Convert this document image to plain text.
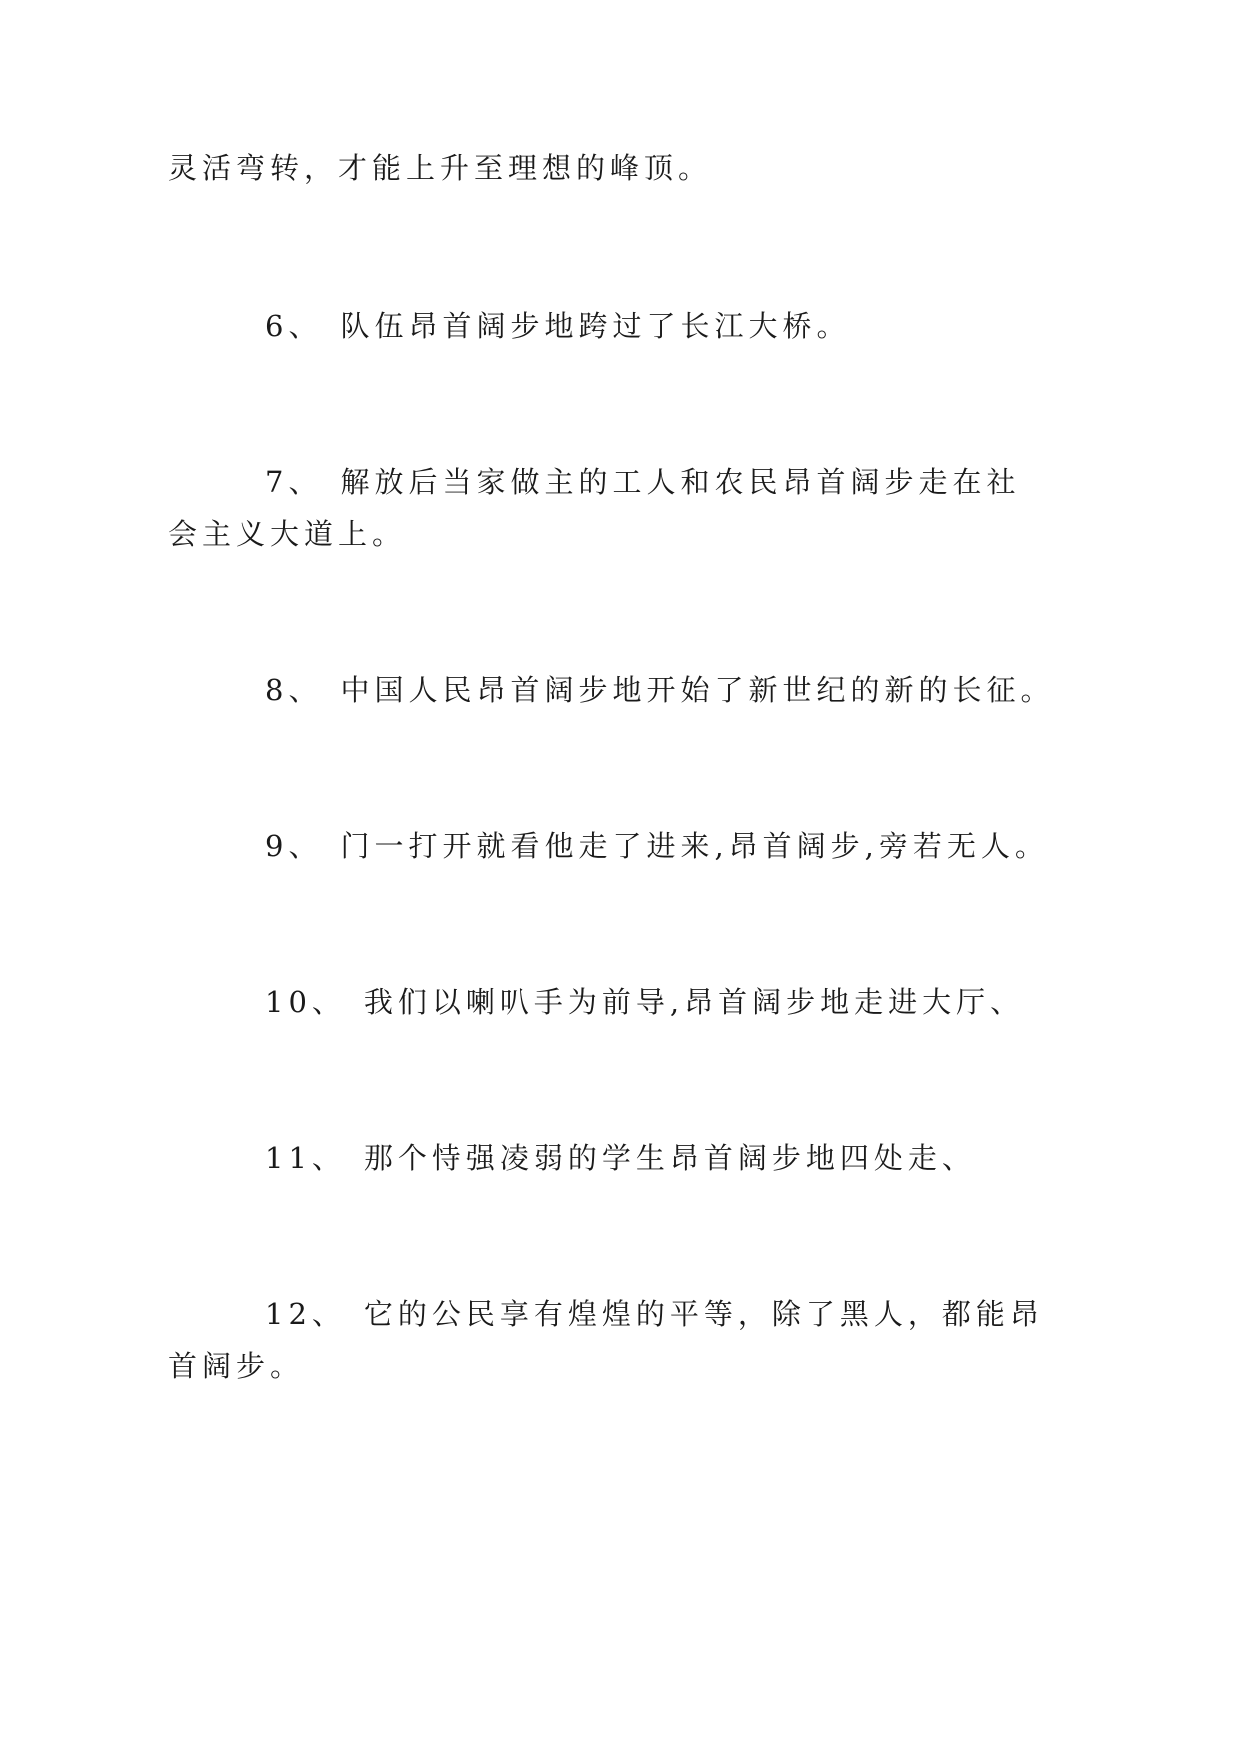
灵活弯转，才能上升至理想的峰顶。
6、 队伍昂首阔步地跨过了长江大桥。
7、 解放后当家做主的工人和农民昂首阔步走在社
会主义大道上。
8、 中国人民昂首阔步地开始了新世纪的新的长征。
9、 门一打开就看他走了进来,昂首阔步,旁若无人。
10、 我们以喇叭手为前导,昂首阔步地走进大厅、
11、 那个恃强凌弱的学生昂首阔步地四处走、
12、 它的公民享有煌煌的平等，除了黑人，都能昂
首阔步。
